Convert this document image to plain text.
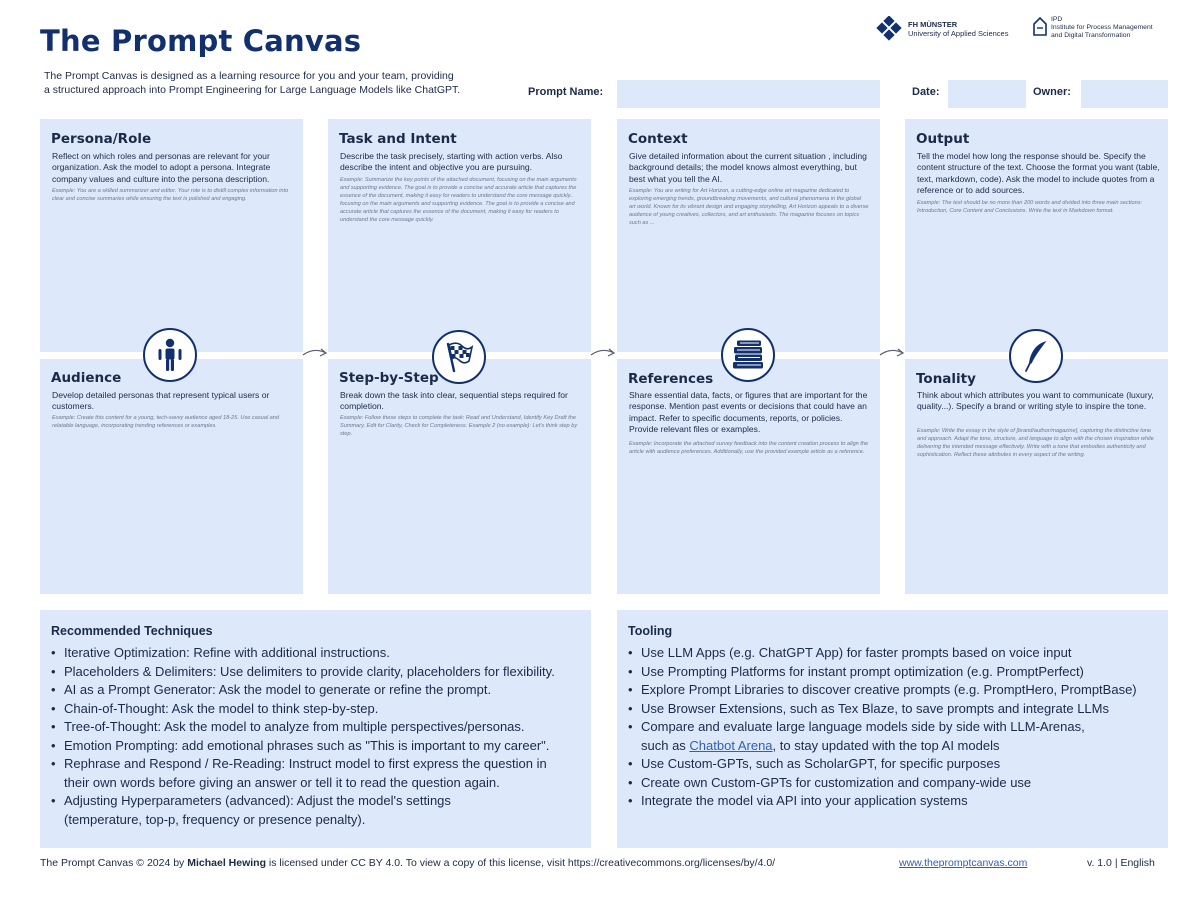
The Prompt Canvas
The Prompt Canvas is designed as a learning resource for you and your team, providing
a structured approach into Prompt Engineering for Large Language Models like ChatGPT.
FH MÜNSTER
University of Applied Sciences
IPD
Institute for Process Management
and Digital Transformation
Prompt Name:	Date:	Owner:
Persona/Role
Reflect on which roles and personas are relevant for your organization. Ask the model to adopt a persona. Integrate company values and culture into the persona description.
Example: You are a skilled summarizer and editor. Your role is to distill complex information into clear and concise summaries while ensuring the text is polished and engaging.
Audience
Develop detailed personas that represent typical users or customers.
Example: Create this content for a young, tech-savvy audience aged 18-25. Use casual and relatable language, incorporating trending references or examples.
Task and Intent
Describe the task precisely, starting with action verbs. Also describe the intent and objective you are pursuing.
Example: Summarize the key points of the attached document, focusing on the main arguments and supporting evidence. The goal is to provide a concise and accurate article that captures the essence of the document, making it easy for readers to understand the core message quickly.. focusing on the main arguments and supporting evidence. The goal is to provide a concise and accurate article that captures the essence of the document, making it easy for readers to understand the core message quickly.
Step-by-Step
Break down the task into clear, sequential steps required for completion.
Example: Follow these steps to complete the task: Read and Understand, Identify Key Draft the Summary, Edit for Clarity, Check for Completeness. Example 2 (no example): Let's think step by step.
Context
Give detailed information about the current situation , including background details; the model knows almost everything, but best what you tell the AI.
Example: You are writing for Art Horizon, a cutting-edge online art magazine dedicated to exploring emerging trends, groundbreaking movements, and cultural phenomena in the global art world. Known for its vibrant design and engaging storytelling, Art Horizon appeals to a diverse audience of young creatives, collectors, and art enthusiasts. The magazine focuses on topics such as ...
References
Share essential data, facts, or figures that are important for the response. Mention past events or decisions that could have an impact. Refer to specific documents, reports, or policies. Provide relevant files or examples.
Example: Incorporate the attached survey feedback into the content creation process to align the article with audience preferences. Additionally, use the provided example article as a reference.
Output
Tell the model how long the response should be. Specify the content structure of the text. Choose the format you want (table, text, markdown, code). Ask the model to include quotes from a reference or to add sources.
Example: The text should be no more than 200 words and divided into three main sections: Introduction, Core Content and Conclusions. Write the text in Markdown format.
Tonality
Think about which attributes you want to communicate (luxury, quality...). Specify a brand or writing style to inspire the tone.
Example: Write the essay in the style of [brand/author/magazine], capturing the distinctive tone and approach. Adapt the tone, structure, and language to align with the chosen inspiration while delivering the intended message effectively. Write with a tone that embodies authenticity and sophistication. Reflect these attributes in every aspect of the writing.
Recommended Techniques
• Iterative Optimization: Refine with additional instructions.
• Placeholders & Delimiters: Use delimiters to provide clarity, placeholders for flexibility.
• AI as a Prompt Generator: Ask the model to generate or refine the prompt.
• Chain-of-Thought: Ask the model to think step-by-step.
• Tree-of-Thought: Ask the model to analyze from multiple perspectives/personas.
• Emotion Prompting: add emotional phrases such as "This is important to my career".
• Rephrase and Respond / Re-Reading: Instruct model to first express the question in
their own words before giving an answer or tell it to read the question again.
• Adjusting Hyperparameters (advanced): Adjust the model's settings
(temperature, top-p, frequency or presence penalty).
Tooling
• Use LLM Apps (e.g. ChatGPT App) for faster prompts based on voice input
• Use Prompting Platforms for instant prompt optimization (e.g. PromptPerfect)
• Explore Prompt Libraries to discover creative prompts (e.g. PromptHero, PromptBase)
• Use Browser Extensions, such as Tex Blaze, to save prompts and integrate LLMs
• Compare and evaluate large language models side by side with LLM-Arenas,
such as Chatbot Arena, to stay updated with the top AI models
• Use Custom-GPTs, such as ScholarGPT, for specific purposes
• Create own Custom-GPTs for customization and company-wide use
• Integrate the model via API into your application systems
The Prompt Canvas © 2024 by Michael Hewing is licensed under CC BY 4.0. To view a copy of this license, visit https://creativecommons.org/licenses/by/4.0/	www.thepromptcanvas.com	v. 1.0 | English
